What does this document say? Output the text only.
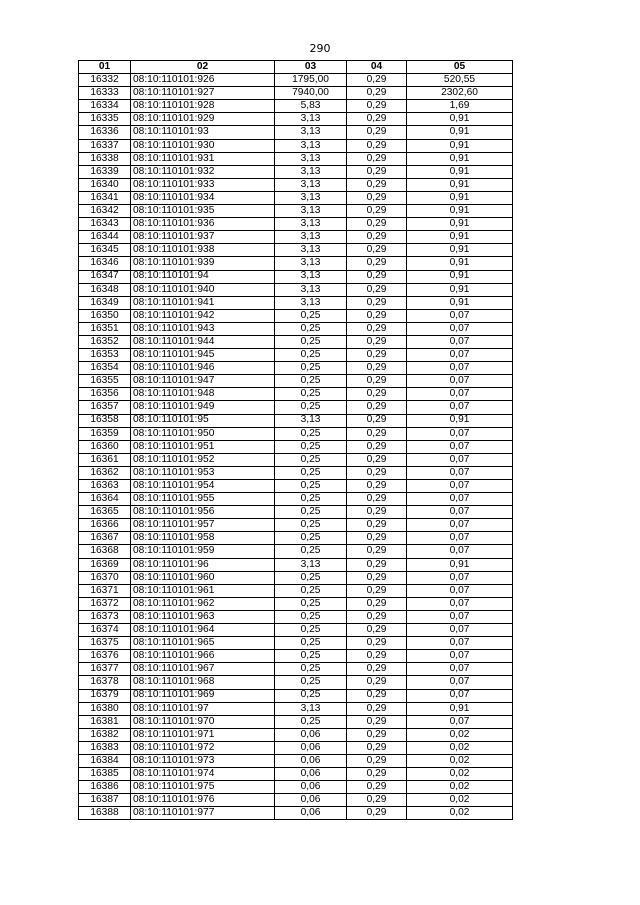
290
01	02	03	04	05
16332	08:10:110101:926	1795,00	0,29	520,55
16333	08:10:110101:927	7940,00	0,29	2302,60
16334	08:10:110101:928	5,83	0,29	1,69
16335	08:10:110101:929	3,13	0,29	0,91
16336	08:10:110101:93	3,13	0,29	0,91
16337	08:10:110101:930	3,13	0,29	0,91
16338	08:10:110101:931	3,13	0,29	0,91
16339	08:10:110101:932	3,13	0,29	0,91
16340	08:10:110101:933	3,13	0,29	0,91
16341	08:10:110101:934	3,13	0,29	0,91
16342	08:10:110101:935	3,13	0,29	0,91
16343	08:10:110101:936	3,13	0,29	0,91
16344	08:10:110101:937	3,13	0,29	0,91
16345	08:10:110101:938	3,13	0,29	0,91
16346	08:10:110101:939	3,13	0,29	0,91
16347	08:10:110101:94	3,13	0,29	0,91
16348	08:10:110101:940	3,13	0,29	0,91
16349	08:10:110101:941	3,13	0,29	0,91
16350	08:10:110101:942	0,25	0,29	0,07
16351	08:10:110101:943	0,25	0,29	0,07
16352	08:10:110101:944	0,25	0,29	0,07
16353	08:10:110101:945	0,25	0,29	0,07
16354	08:10:110101:946	0,25	0,29	0,07
16355	08:10:110101:947	0,25	0,29	0,07
16356	08:10:110101:948	0,25	0,29	0,07
16357	08:10:110101:949	0,25	0,29	0,07
16358	08:10:110101:95	3,13	0,29	0,91
16359	08:10:110101:950	0,25	0,29	0,07
16360	08:10:110101:951	0,25	0,29	0,07
16361	08:10:110101:952	0,25	0,29	0,07
16362	08:10:110101:953	0,25	0,29	0,07
16363	08:10:110101:954	0,25	0,29	0,07
16364	08:10:110101:955	0,25	0,29	0,07
16365	08:10:110101:956	0,25	0,29	0,07
16366	08:10:110101:957	0,25	0,29	0,07
16367	08:10:110101:958	0,25	0,29	0,07
16368	08:10:110101:959	0,25	0,29	0,07
16369	08:10:110101:96	3,13	0,29	0,91
16370	08:10:110101:960	0,25	0,29	0,07
16371	08:10:110101:961	0,25	0,29	0,07
16372	08:10:110101:962	0,25	0,29	0,07
16373	08:10:110101:963	0,25	0,29	0,07
16374	08:10:110101:964	0,25	0,29	0,07
16375	08:10:110101:965	0,25	0,29	0,07
16376	08:10:110101:966	0,25	0,29	0,07
16377	08:10:110101:967	0,25	0,29	0,07
16378	08:10:110101:968	0,25	0,29	0,07
16379	08:10:110101:969	0,25	0,29	0,07
16380	08:10:110101:97	3,13	0,29	0,91
16381	08:10:110101:970	0,25	0,29	0,07
16382	08:10:110101:971	0,06	0,29	0,02
16383	08:10:110101:972	0,06	0,29	0,02
16384	08:10:110101:973	0,06	0,29	0,02
16385	08:10:110101:974	0,06	0,29	0,02
16386	08:10:110101:975	0,06	0,29	0,02
16387	08:10:110101:976	0,06	0,29	0,02
16388	08:10:110101:977	0,06	0,29	0,02
